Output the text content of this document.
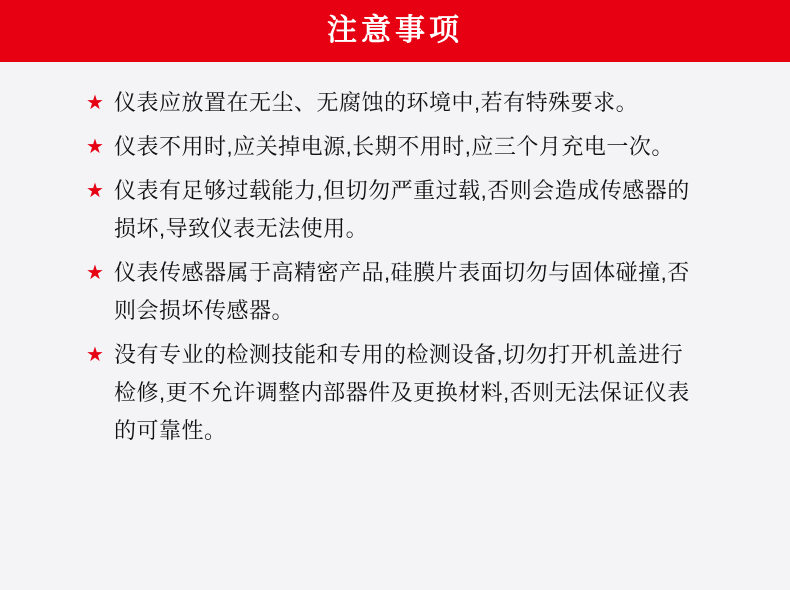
注意事项
★ 仪表应放置在无尘、无腐蚀的环境中,若有特殊要求。
★ 仪表不用时,应关掉电源,长期不用时,应三个月充电一次。
★ 仪表有足够过载能力,但切勿严重过载,否则会造成传感器的损坏,导致仪表无法使用。
★ 仪表传感器属于高精密产品,硅膜片表面切勿与固体碰撞,否则会损坏传感器。
★ 没有专业的检测技能和专用的检测设备,切勿打开机盖进行检修,更不允许调整内部器件及更换材料,否则无法保证仪表的可靠性。
